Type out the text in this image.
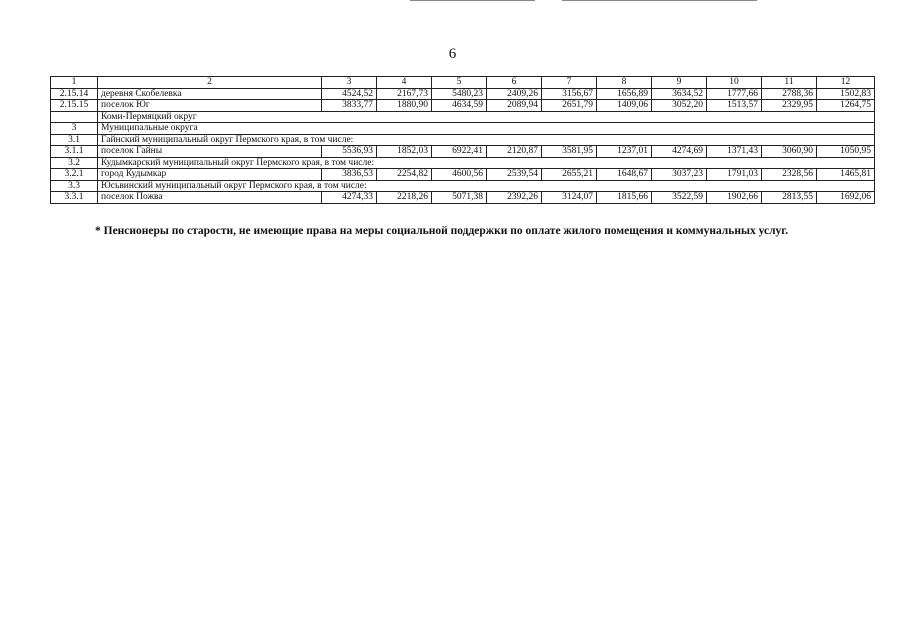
6
1	2	3	4	5	6	7	8	9	10	11	12
2.15.14	деревня Скобелевка	4524,52	2167,73	5480,23	2409,26	3156,67	1656,89	3634,52	1777,66	2788,36	1502,83
2.15.15	поселок Юг	3833,77	1880,90	4634,59	2089,94	2651,79	1409,06	3052,20	1513,57	2329,95	1264,75
	Коми-Пермяцкий округ										
3	Муниципальные округа										
3.1	Гайнский муниципальный округ Пермского края, в том числе:										
3.1.1	поселок Гайны	5536,93	1852,03	6922,41	2120,87	3581,95	1237,01	4274,69	1371,43	3060,90	1050,95
3.2	Кудымкарский муниципальный округ Пермского края, в том числе:										
3.2.1	город Кудымкар	3836,53	2254,82	4600,56	2539,54	2655,21	1648,67	3037,23	1791,03	2328,56	1465,81
3.3	Юсьвинский муниципальный округ Пермского края, в том числе:										
3.3.1	поселок Пожва	4274,33	2218,26	5071,38	2392,26	3124,07	1815,66	3522,59	1902,66	2813,55	1692,06
* Пенсионеры по старости, не имеющие права на меры социальной поддержки по оплате жилого помещения и коммунальных услуг.
